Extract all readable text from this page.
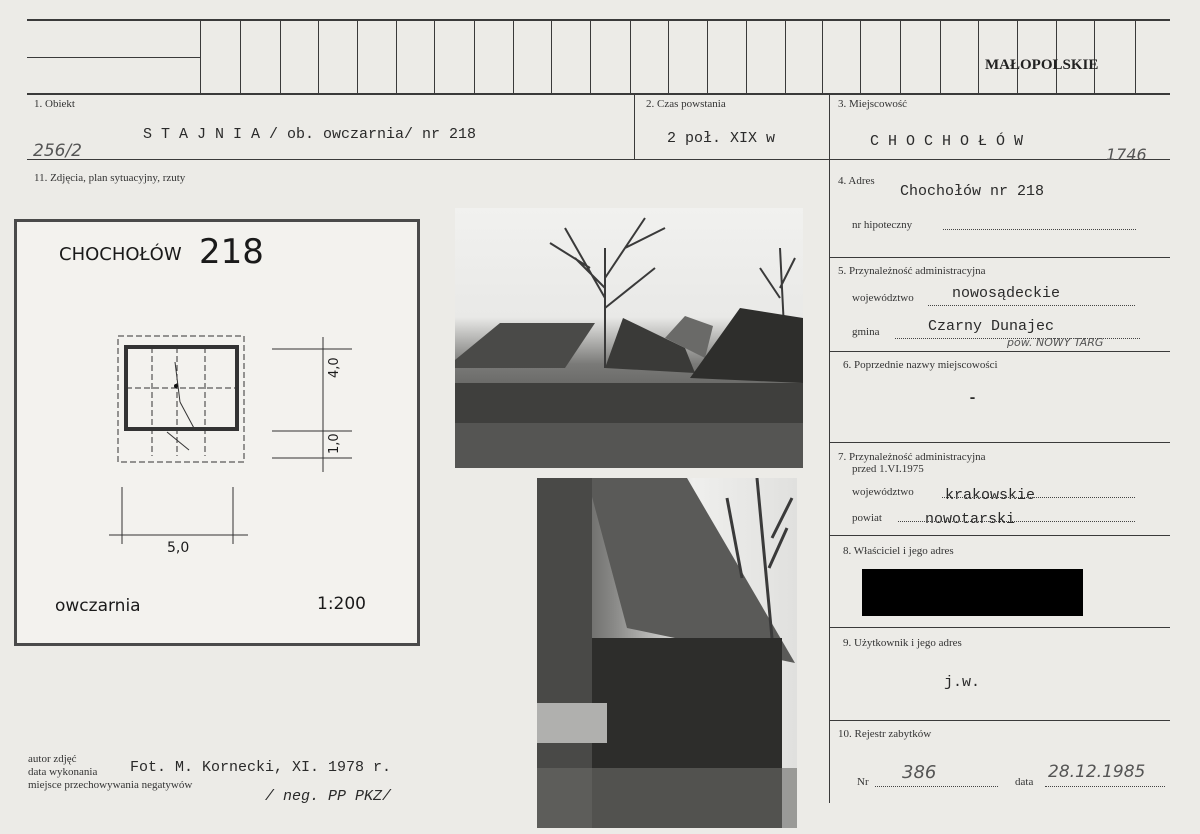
MAŁOPOLSKIE
1. Obiekt
S T A J N I A / ob. owczarnia/ nr 218
256/2
2. Czas powstania
2 poł. XIX w
3. Miejscowość
C H O C H O Ł Ó W
1746
11. Zdjęcia, plan sytuacyjny, rzuty	4. Adres
Chochołów nr 218
nr hipoteczny
5. Przynależność administracyjna
województwo	nowosądeckie
gmina	Czarny Dunajec
pow. NOWY TARG
6. Poprzednie nazwy miejscowości
-
7. Przynależność administracyjna
przed 1.VI.1975
województwo krakowskie
powiat	nowotarski
8. Właściciel i jego adres
9. Użytkownik i jego adres
j.w.
10. Rejestr zabytków
Nr 386	data 28.12.1985
CHOCHOŁÓW 218
4,0
1,0
5,0
owczarnia	1:200
autor zdjęć
data wykonania
miejsce przechowywania negatywów
Fot. M. Kornecki, XI. 1978 r.
/ neg. PP PKZ/
